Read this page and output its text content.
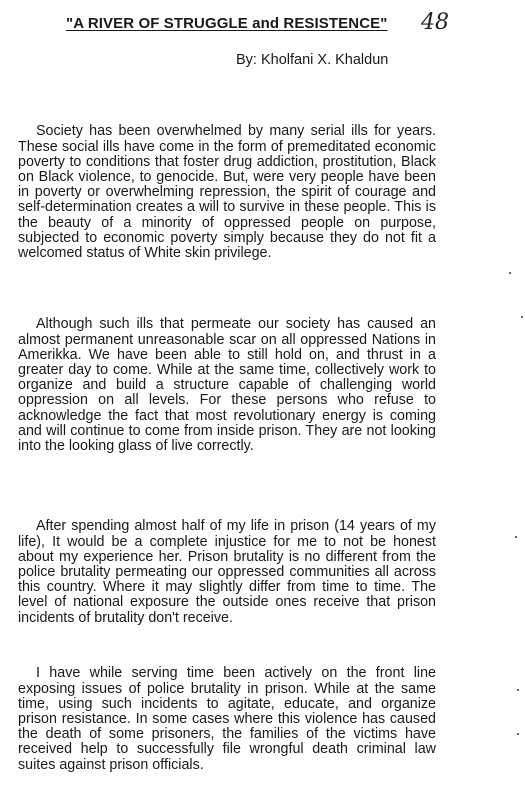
"A RIVER OF STRUGGLE and RESISTENCE" 48
By: Kholfani X. Khaldun

Society has been overwhelmed by many serial ills for years. These social ills have come in the form of premeditated economic poverty to conditions that foster drug addiction, prostitution, Black on Black violence, to genocide. But, were very people have been in poverty or overwhelming repression, the spirit of courage and self-determination creates a will to survive in these people. This is the beauty of a minority of oppressed people on purpose, subjected to economic poverty simply because they do not fit a welcomed status of White skin privilege.

Although such ills that permeate our society has caused an almost permanent unreasonable scar on all oppressed Nations in Amerikka. We have been able to still hold on, and thrust in a greater day to come. While at the same time, collectively work to organize and build a structure capable of challenging world oppression on all levels. For these persons who refuse to acknowledge the fact that most revolutionary energy is coming and will continue to come from inside prison. They are not looking into the looking glass of live correctly.

After spending almost half of my life in prison (14 years of my life), It would be a complete injustice for me to not be honest about my experience her. Prison brutality is no different from the police brutality permeating our oppressed communities all across this country. Where it may slightly differ from time to time. The level of national exposure the outside ones receive that prison incidents of brutality don't receive.

I have while serving time been actively on the front line exposing issues of police brutality in prison. While at the same time, using such incidents to agitate, educate, and organize prison resistance. In some cases where this violence has caused the death of some prisoners, the families of the victims have received help to successfully file wrongful death criminal law suites against prison officials.
